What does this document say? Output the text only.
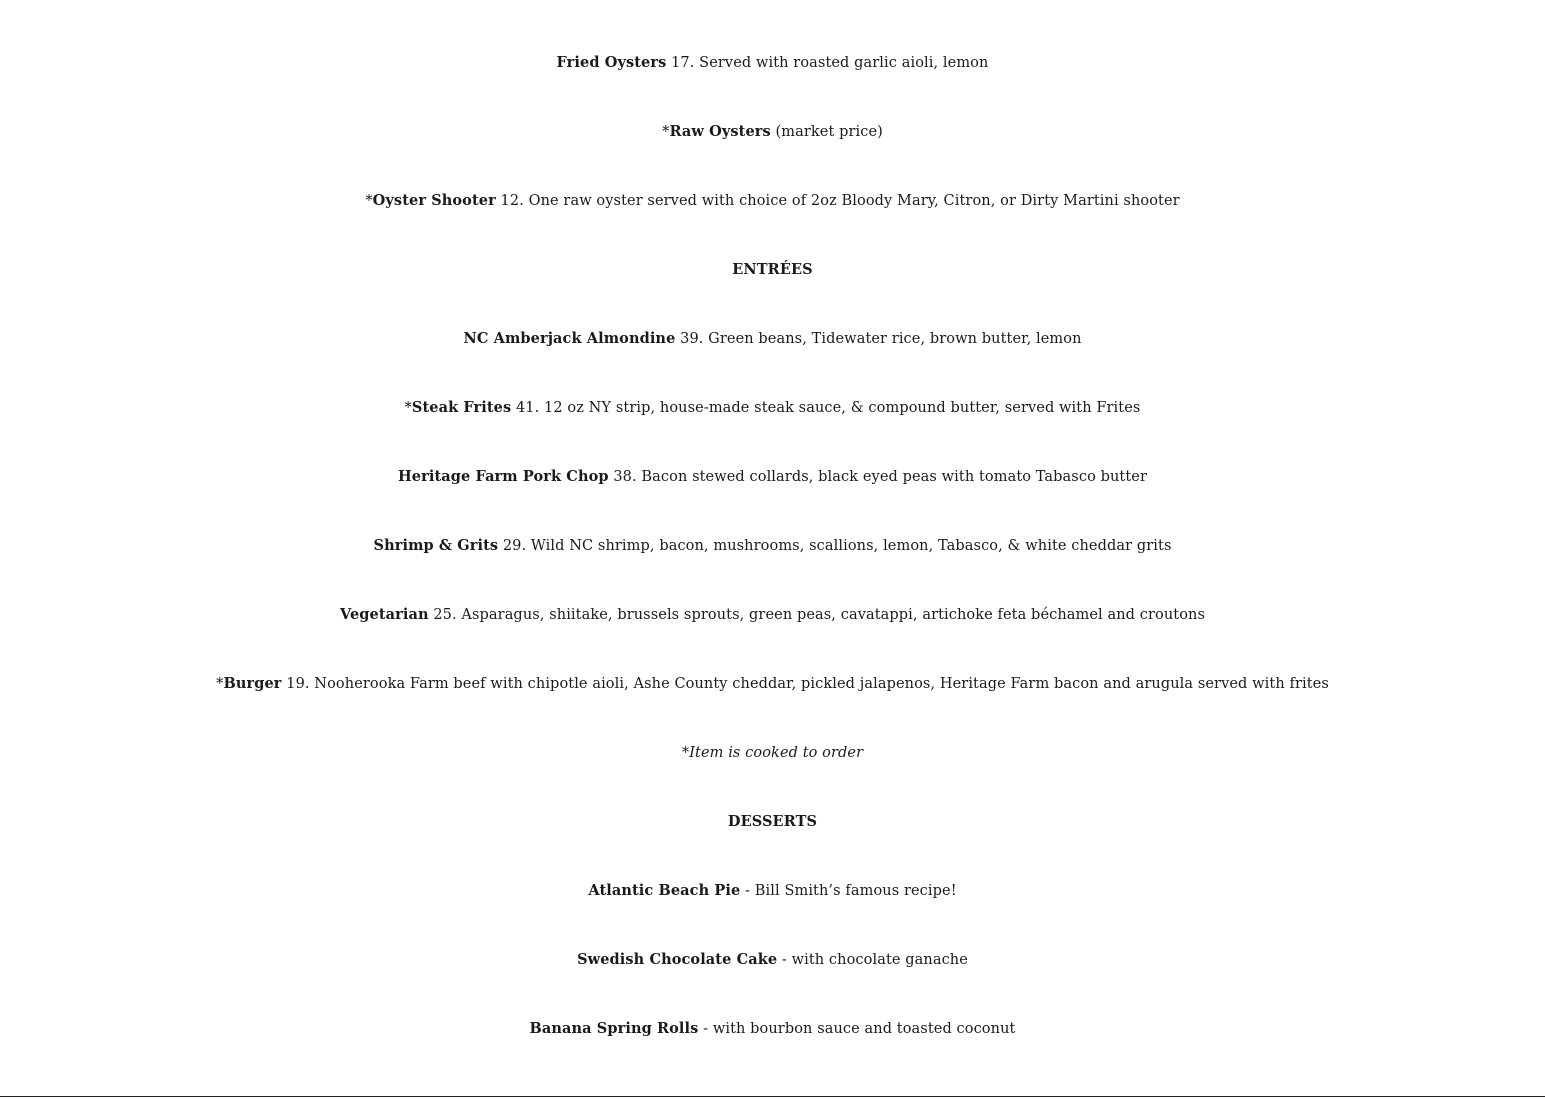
Fried Oysters 17. Served with roasted garlic aioli, lemon
*Raw Oysters (market price)
*Oyster Shooter 12. One raw oyster served with choice of 2oz Bloody Mary, Citron, or Dirty Martini shooter
ENTRÉES
NC Amberjack Almondine 39. Green beans, Tidewater rice, brown butter, lemon
*Steak Frites 41. 12 oz NY strip, house-made steak sauce, & compound butter, served with Frites
Heritage Farm Pork Chop 38. Bacon stewed collards, black eyed peas with tomato Tabasco butter
Shrimp & Grits 29. Wild NC shrimp, bacon, mushrooms, scallions, lemon, Tabasco, & white cheddar grits
Vegetarian 25. Asparagus, shiitake, brussels sprouts, green peas, cavatappi, artichoke feta béchamel and croutons
*Burger 19. Nooherooka Farm beef with chipotle aioli, Ashe County cheddar, pickled jalapenos, Heritage Farm bacon and arugula served with frites
*Item is cooked to order
DESSERTS
Atlantic Beach Pie - Bill Smith’s famous recipe!
Swedish Chocolate Cake - with chocolate ganache
Banana Spring Rolls - with bourbon sauce and toasted coconut
